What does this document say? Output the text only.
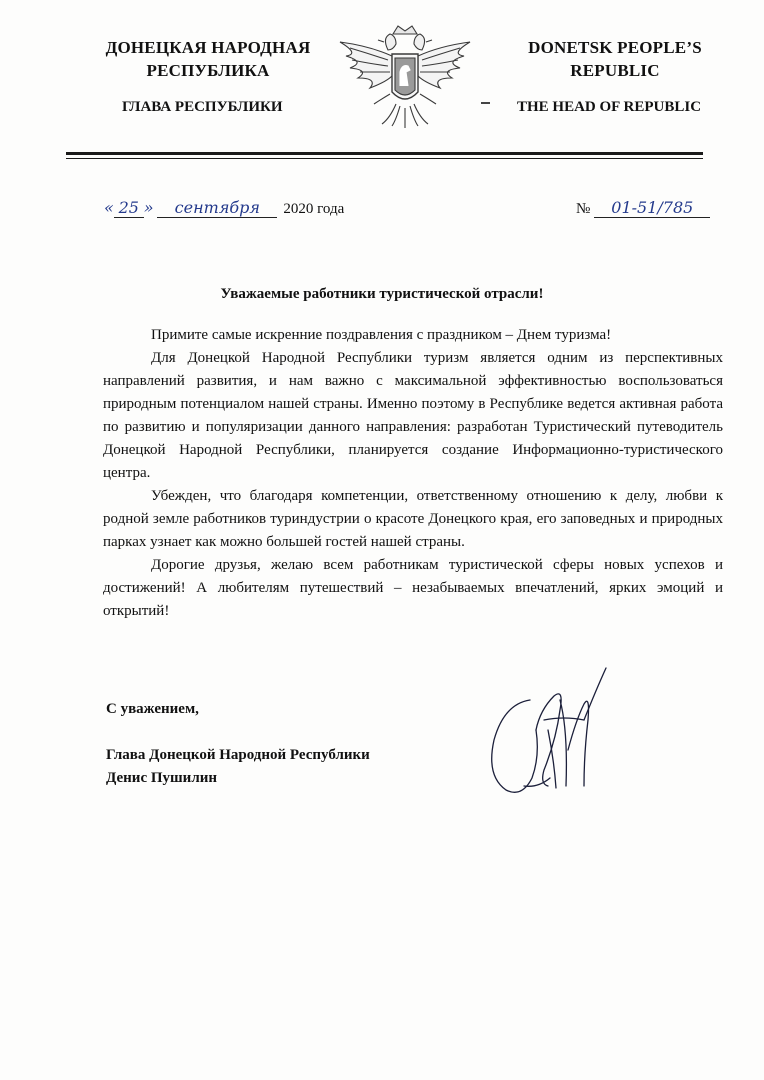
ДОНЕЦКАЯ НАРОДНАЯ РЕСПУБЛИКА
ГЛАВА РЕСПУБЛИКИ
DONETSK PEOPLE’S REPUBLIC
THE HEAD OF REPUBLIC
« 25 » сентября 2020 года	№ 01-51/785
Уважаемые работники туристической отрасли!

Примите самые искренние поздравления с праздником – Днем туризма!

Для Донецкой Народной Республики туризм является одним из перспективных направлений развития, и нам важно с максимальной эффективностью воспользоваться природным потенциалом нашей страны. Именно поэтому в Республике ведется активная работа по развитию и популяризации данного направления: разработан Туристический путеводитель Донецкой Народной Республики, планируется создание Информационно-туристического центра.

Убежден, что благодаря компетенции, ответственному отношению к делу, любви к родной земле работников туриндустрии о красоте Донецкого края, его заповедных и природных парках узнает как можно большей гостей нашей страны.

Дорогие друзья, желаю всем работникам туристической сферы новых успехов и достижений! А любителям путешествий – незабываемых впечатлений, ярких эмоций и открытий!

С уважением,
Глава Донецкой Народной Республики
Денис Пушилин
